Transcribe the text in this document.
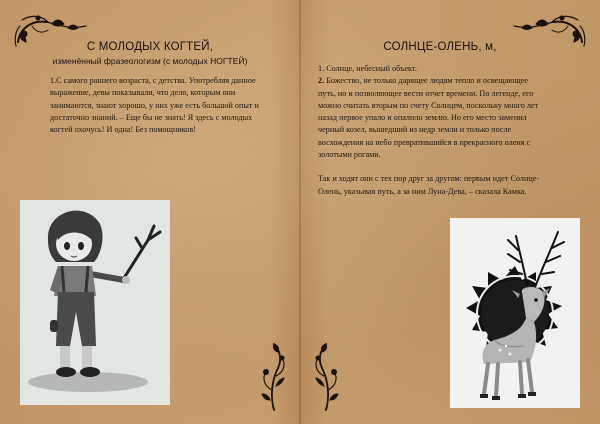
С МОЛОДЫХ КОГТЕЙ,
изменённый фразеологизм (с молодых НОГТЕЙ)

1.С самого раннего возраста, с детства. Употребляя данное выражение, девы показывали, что дело, которым они занимаются, знают хорошо, у них уже есть большой опыт и достаточно знаний. – Еще бы не знать! Я здесь с молодых когтей охочусь! И одна! Без помощников!

СОЛНЦЕ-ОЛЕНЬ, м,

1. Солнце, небесный объект.

2. Божество, не только дарящее людям тепло и освещающее путь, но и позволяющее вести отчет времени. По легенде, его можно считать вторым по счету Солнцем, поскольку много лет назад первое упало и опалило землю. Но его место заменил черный козел, вышедший из недр земли и только после восхождения на небо превратившийся в прекрасного оленя с золотыми рогами.

Так и ходят они с тех пор друг за другом: первым идет Солнце-Олень, указывая путь, а за ним Луна-Дева, – сказала Камка.
